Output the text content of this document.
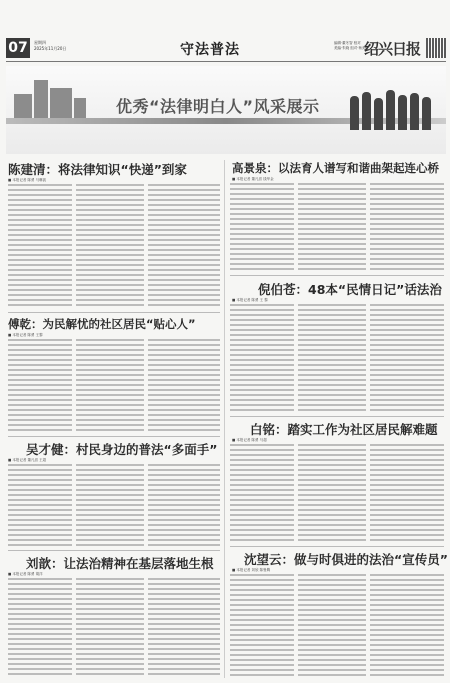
07	星期四
2025年11月20日	守法普法	编辑·董冬智 校对
美编·朱晓 组对·杨美红
绍兴日报
优秀“法律明白人”风采展示
陈建清：将法律知识“快递”到家
■ 本报记者 陈勇 马琳凯
傅乾：为民解忧的社区居民“贴心人”
■ 本报记者 陈勇 王黎
吴才健：村民身边的普法“多面手”
■ 本报记者 董凡嵩 王超
刘歆：让法治精神在基层落地生根
■ 本报记者 陈勇 胡洋
高景泉：以法育人谱写和谐曲架起连心桥
■ 本报记者 董凡嵩 钱华金
倪伯苍：48本“民情日记”话法治
■ 本报记者 陈勇 王 黎
白铭：踏实工作为社区居民解难题
■ 本报记者 陈勇 马超
沈望云：做与时俱进的法治“宣传员”
■ 本报记者 刘欣 陈鲁腾
